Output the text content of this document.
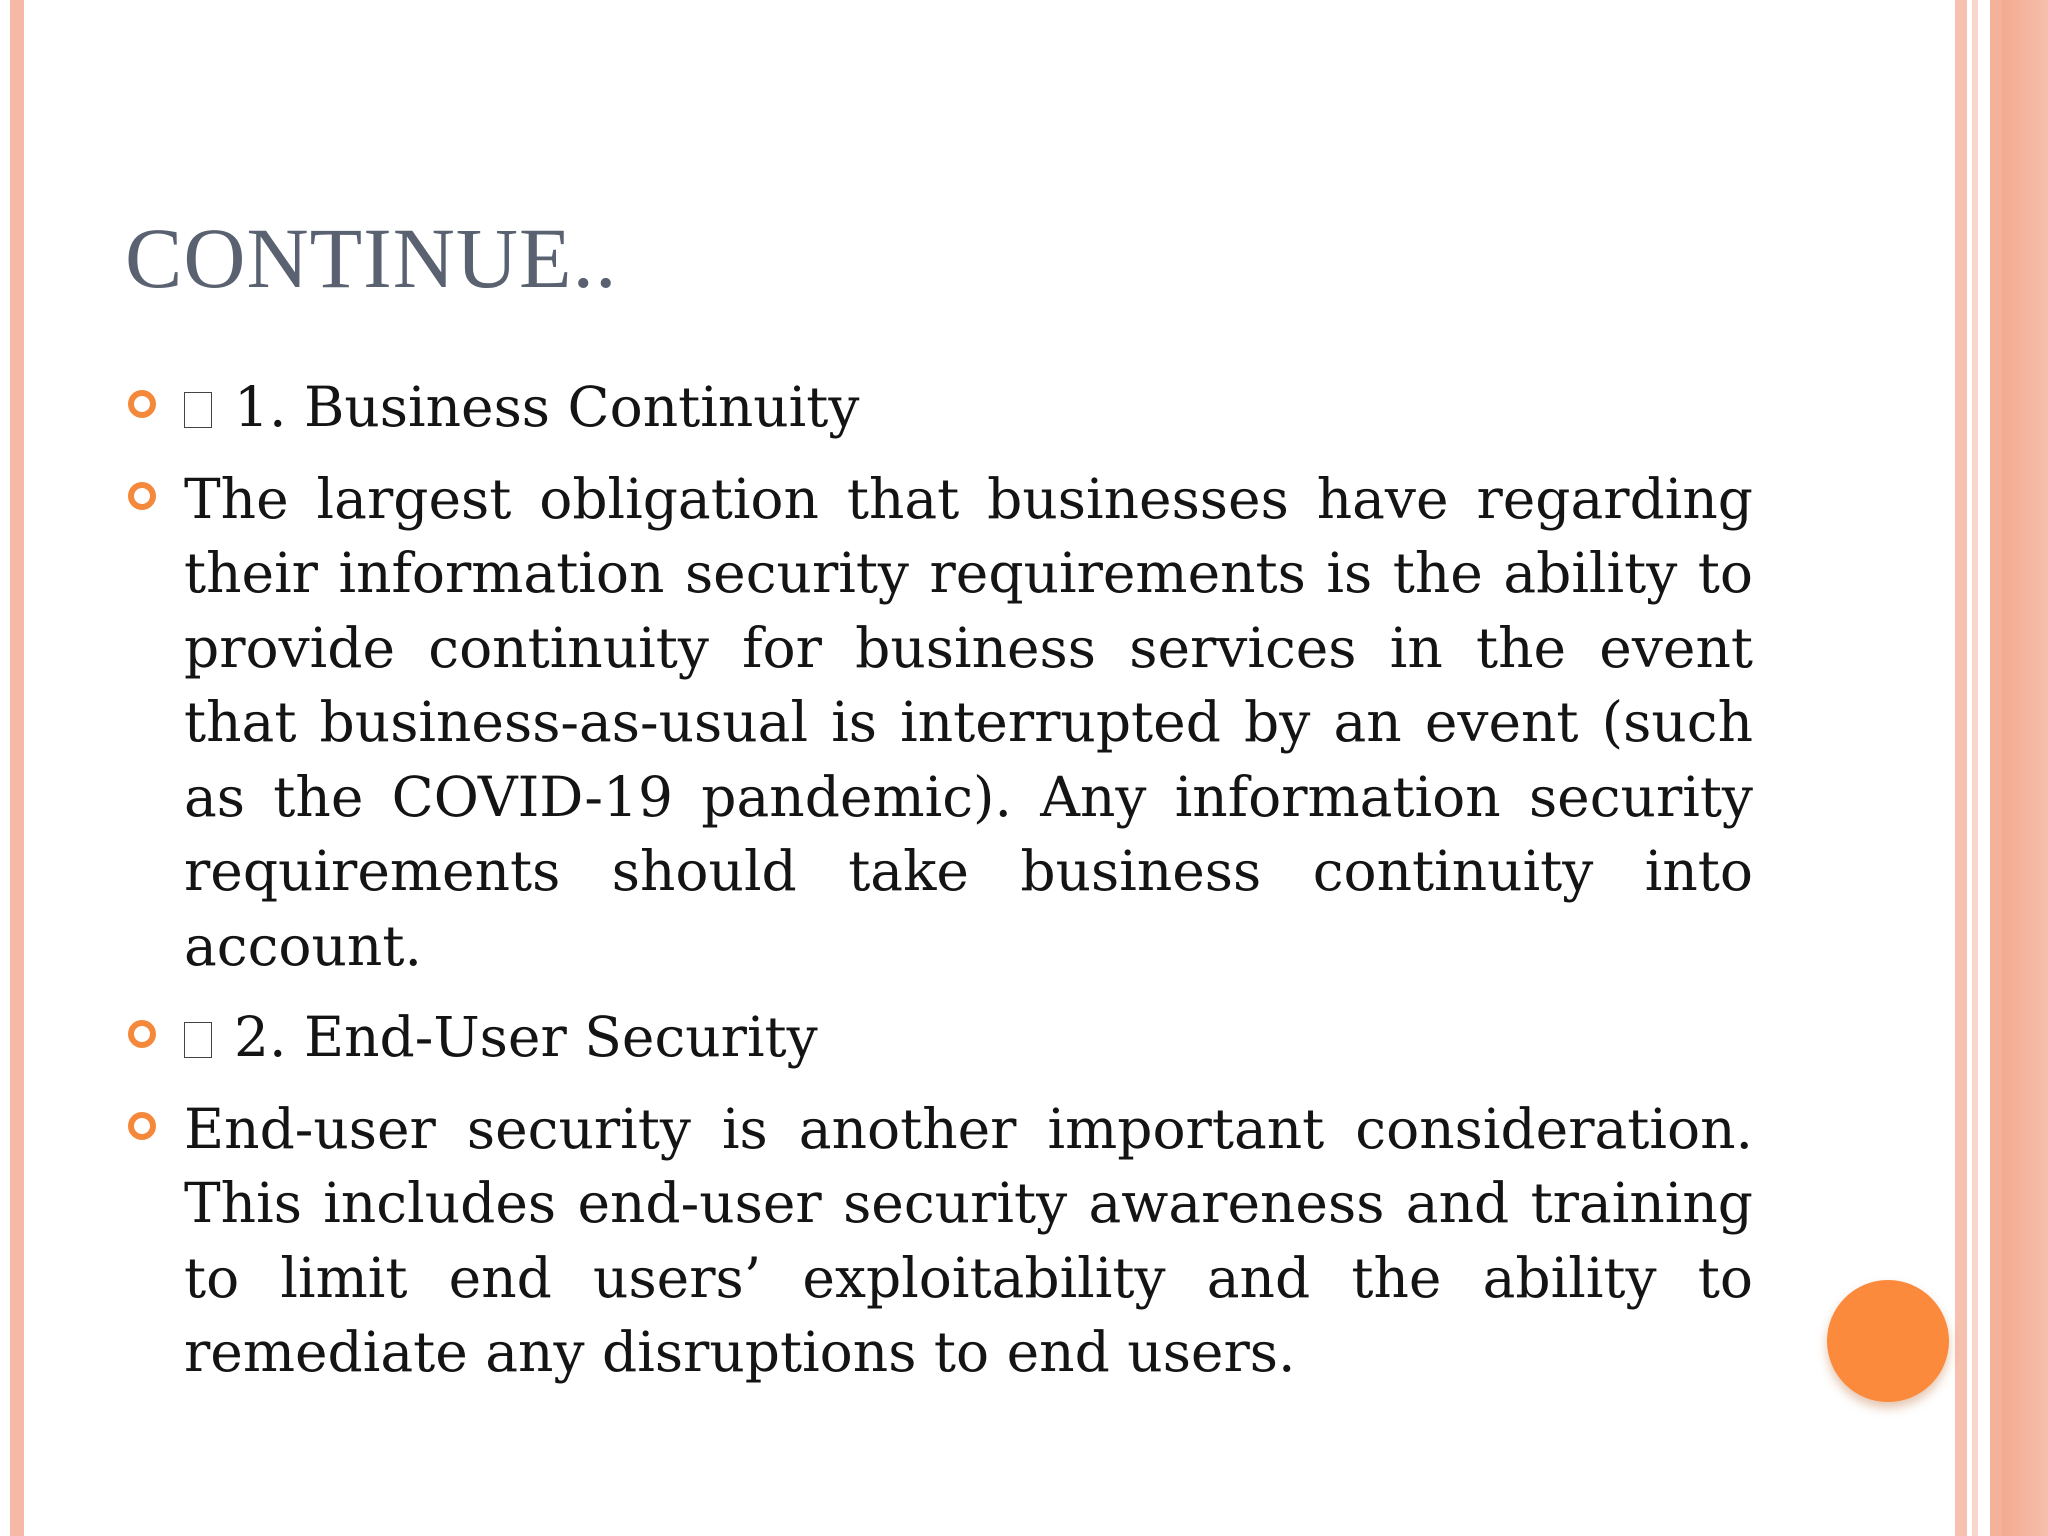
CONTINUE..
1. Business Continuity
The largest obligation that businesses have regarding their information security requirements is the ability to provide continuity for business services in the event that business-as-usual is interrupted by an event (such as the COVID-19 pandemic). Any information security requirements should take business continuity into account.
2. End-User Security
End-user security is another important consideration. This includes end-user security awareness and training to limit end users’ exploitability and the ability to remediate any disruptions to end users.
